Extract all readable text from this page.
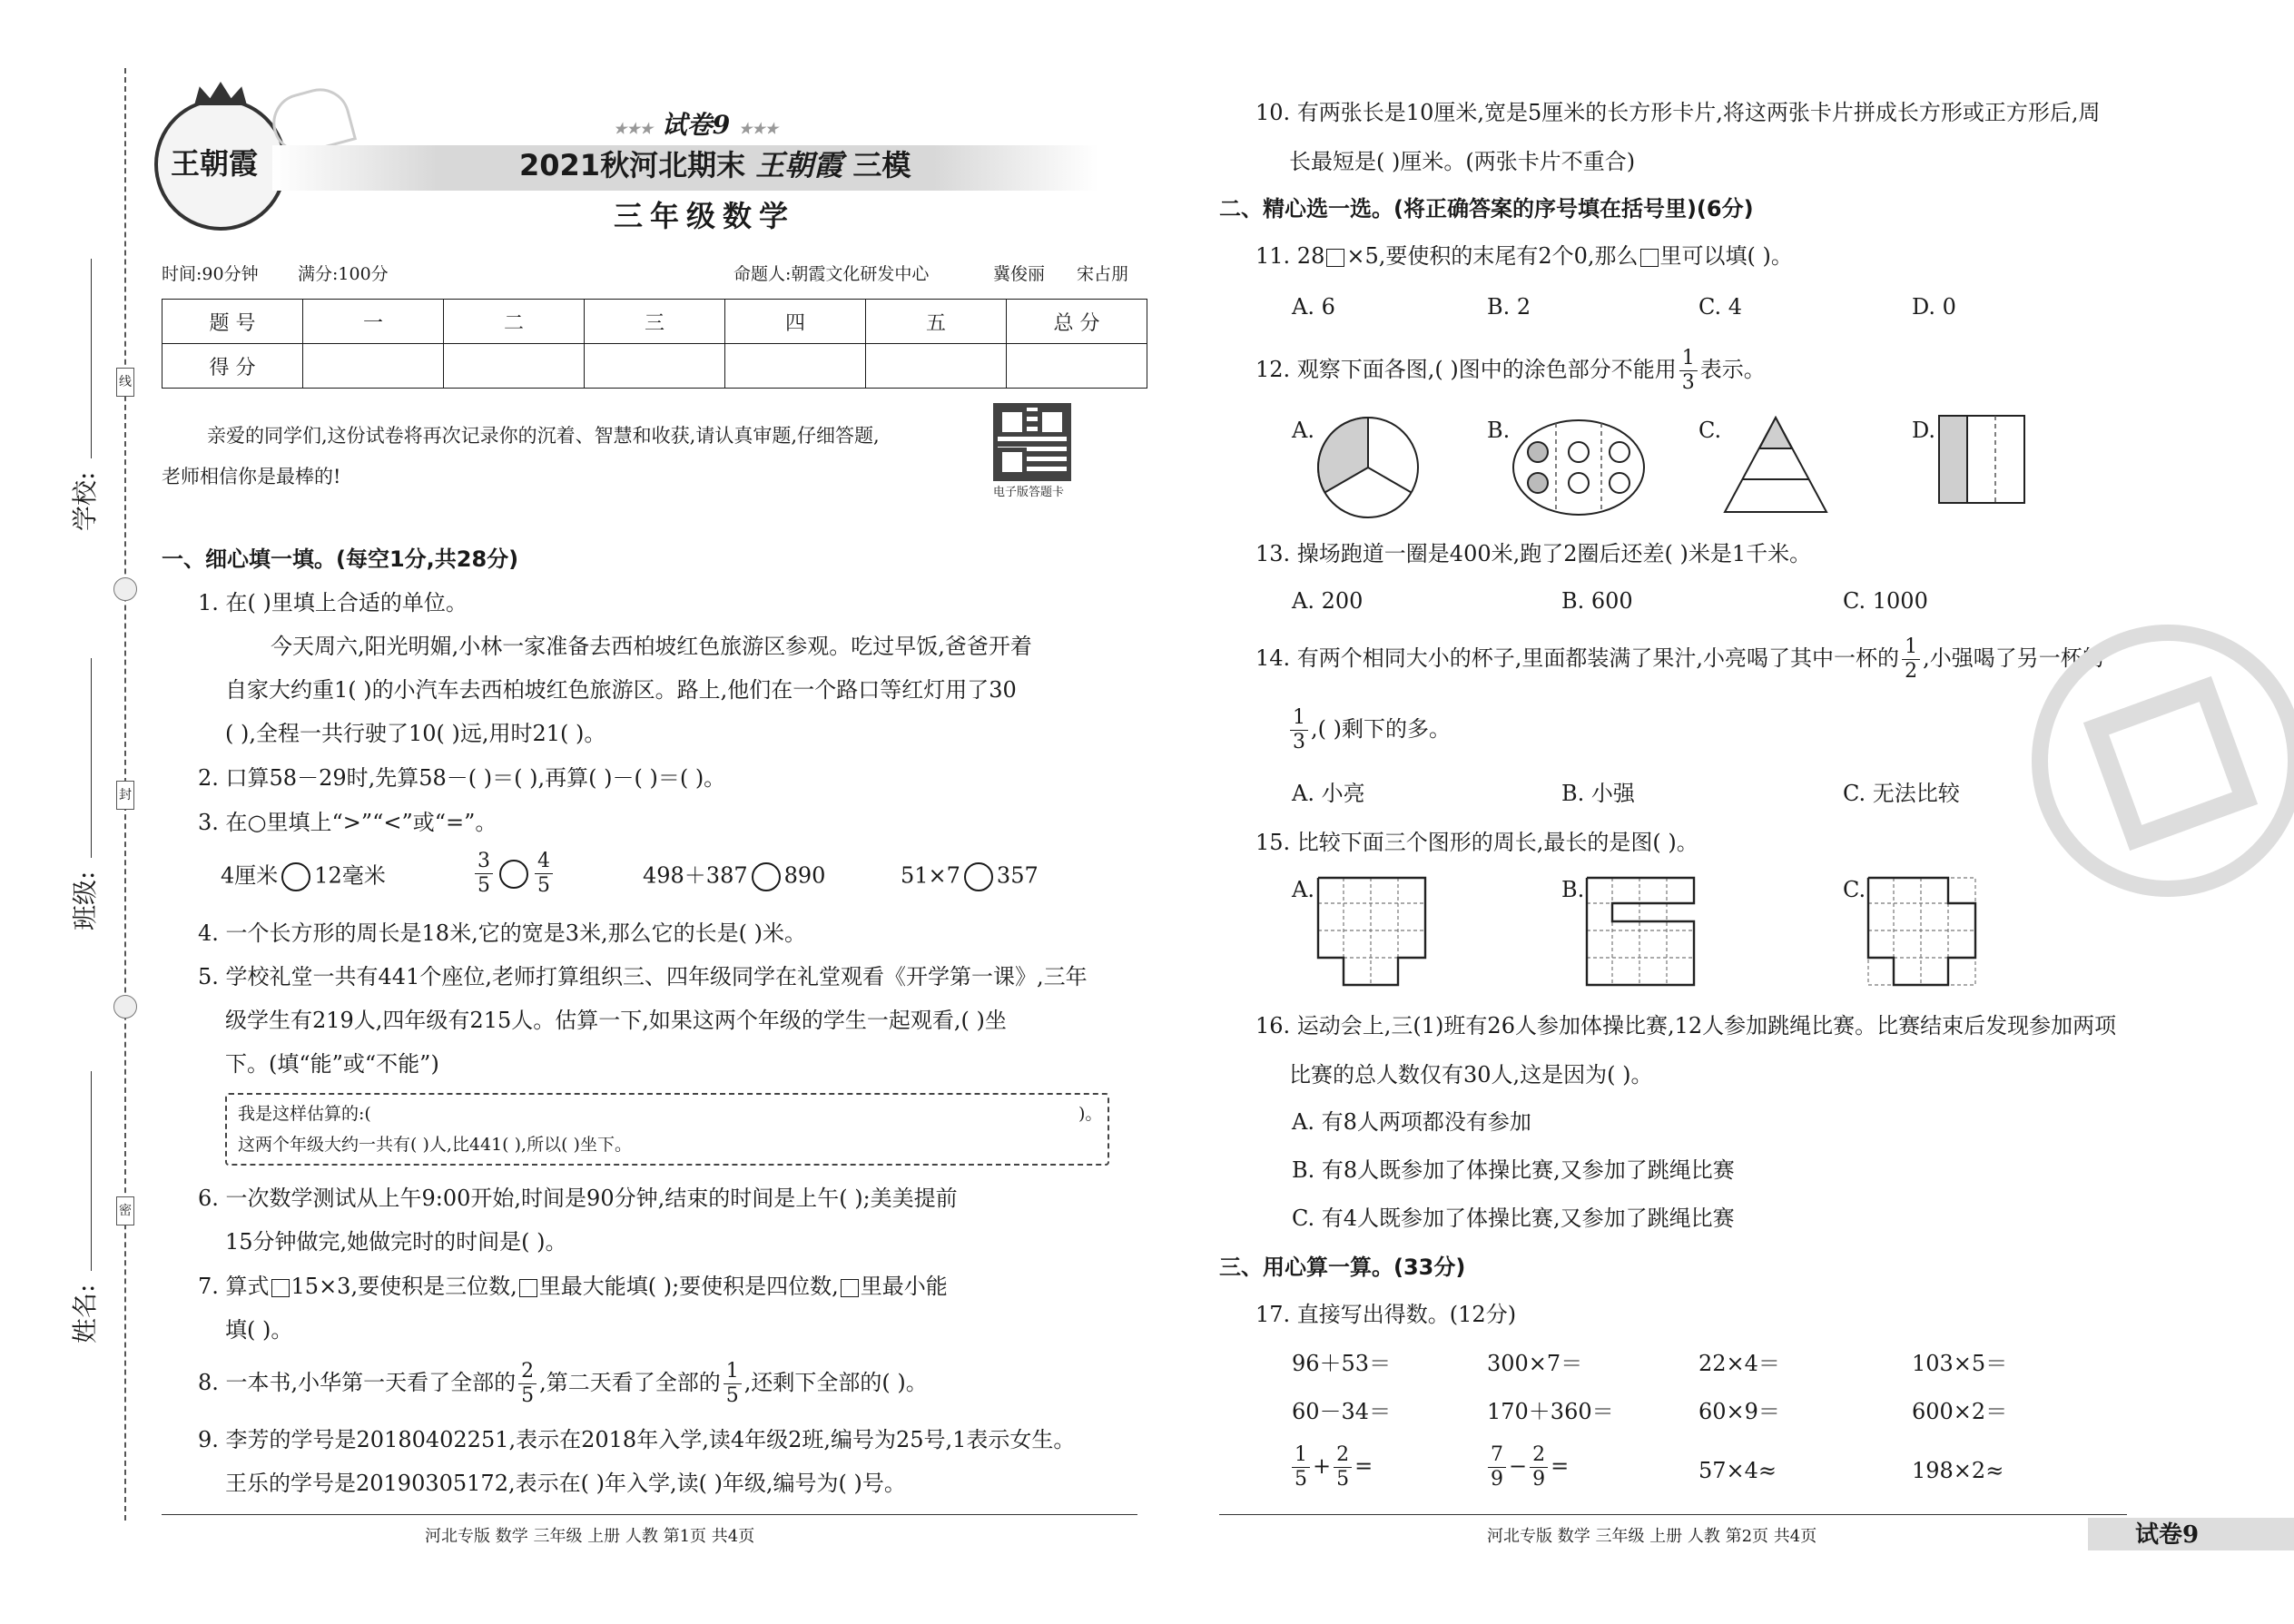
线
封
密
学校:
班级:
姓名:
王朝霞
★★★ 试卷9 ★★★
2021秋河北期末 王朝霞 三模
三年级数学
时间:90分钟 满分:100分	命题人:朝霞文化研发中心	冀俊丽 宋占朋
题 号	一	二	三	四	五	总 分
得 分						
亲爱的同学们,这份试卷将再次记录你的沉着、智慧和收获,请认真审题,仔细答题,
老师相信你是最棒的!
电子版答题卡
一、细心填一填。(每空1分,共28分)
1. 在( )里填上合适的单位。
今天周六,阳光明媚,小林一家准备去西柏坡红色旅游区参观。吃过早饭,爸爸开着
自家大约重1( )的小汽车去西柏坡红色旅游区。路上,他们在一个路口等红灯用了30
( ),全程一共行驶了10( )远,用时21( )。
2. 口算58－29时,先算58－( )＝( ),再算( )－( )＝( )。
3. 在○里填上“>”“<”或“=”。
4厘米 12毫米	$\frac{3}{5} \frac{4}{5}$	498＋387 890	51×7 357
4. 一个长方形的周长是18米,它的宽是3米,那么它的长是( )米。
5. 学校礼堂一共有441个座位,老师打算组织三、四年级同学在礼堂观看《开学第一课》,三年
级学生有219人,四年级有215人。估算一下,如果这两个年级的学生一起观看,( )坐
下。(填“能”或“不能”)
我是这样估算的:(	)。
这两个年级大约一共有( )人,比441( ),所以( )坐下。
6. 一次数学测试从上午9:00开始,时间是90分钟,结束的时间是上午( );美美提前
15分钟做完,她做完时的时间是( )。
7. 算式 15×3,要使积是三位数, 里最大能填( );要使积是四位数, 里最小能
填( )。
8. 一本书,小华第一天看了全部的 $\frac{2}{5}$ ,第二天看了全部的 $\frac{1}{5}$ ,还剩下全部的( )。
9. 李芳的学号是20180402251,表示在2018年入学,读4年级2班,编号为25号,1表示女生。
王乐的学号是20190305172,表示在( )年入学,读( )年级,编号为( )号。
河北专版 数学 三年级 上册 人教 第1页 共4页
10. 有两张长是10厘米,宽是5厘米的长方形卡片,将这两张卡片拼成长方形或正方形后,周
长最短是( )厘米。(两张卡片不重合)
二、精心选一选。(将正确答案的序号填在括号里)(6分)
11. 28 ×5,要使积的末尾有2个0,那么 里可以填( )。
A. 6	B. 2	C. 4	D. 0
12. 观察下面各图,( )图中的涂色部分不能用 $\frac{1}{3}$ 表示。
A.	B.	C.	D.
13. 操场跑道一圈是400米,跑了2圈后还差( )米是1千米。
A. 200	B. 600	C. 1000
14. 有两个相同大小的杯子,里面都装满了果汁,小亮喝了其中一杯的 $\frac{1}{2}$ ,小强喝了另一杯的
$\frac{1}{3}$ ,( )剩下的多。
A. 小亮	B. 小强	C. 无法比较
15. 比较下面三个图形的周长,最长的是图( )。
A.	B.	C.
16. 运动会上,三(1)班有26人参加体操比赛,12人参加跳绳比赛。比赛结束后发现参加两项
比赛的总人数仅有30人,这是因为( )。
A. 有8人两项都没有参加
B. 有8人既参加了体操比赛,又参加了跳绳比赛
C. 有4人既参加了体操比赛,又参加了跳绳比赛
三、用心算一算。(33分)
17. 直接写出得数。(12分)
96＋53＝	300×7＝	22×4＝	103×5＝
60－34＝	170＋360＝	60×9＝	600×2＝
$\frac{1}{5} + \frac{2}{5}$ =	$\frac{7}{9} - \frac{2}{9}$ =	57×4≈	198×2≈
河北专版 数学 三年级 上册 人教 第2页 共4页	试卷9
